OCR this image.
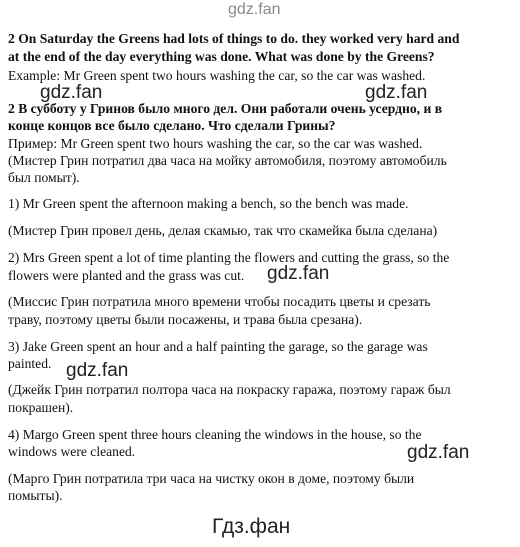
gdz.fan
2 On Saturday the Greens had lots of things to do. they worked very hard and
at the end of the day everything was done. What was done by the Greens?
Example: Mr Green spent two hours washing the car, so the car was washed.
2 В субботу у Гринов было много дел. Они работали очень усердно, и в
конце концов все было сделано. Что сделали Грины?
Пример: Mr Green spent two hours washing the car, so the car was washed.
(Мистер Грин потратил два часа на мойку автомобиля, поэтому автомобиль
был помыт).
1) Mr Green spent the afternoon making a bench, so the bench was made.
(Мистер Грин провел день, делая скамью, так что скамейка была сделана)
2) Mrs Green spent a lot of time planting the flowers and cutting the grass, so the
flowers were planted and the grass was cut.
(Миссис Грин потратила много времени чтобы посадить цветы и срезать
траву, поэтому цветы были посажены, и трава была срезана).
3) Jake Green spent an hour and a half painting the garage, so the garage was
painted.
(Джейк Грин потратил полтора часа на покраску гаража, поэтому гараж был
покрашен).
4) Margo Green spent three hours cleaning the windows in the house, so the
windows were cleaned.
(Марго Грин потратила три часа на чистку окон в доме, поэтому были
помыты).
gdz.fan	gdz.fan
gdz.fan
gdz.fan
gdz.fan
Гдз.фан
